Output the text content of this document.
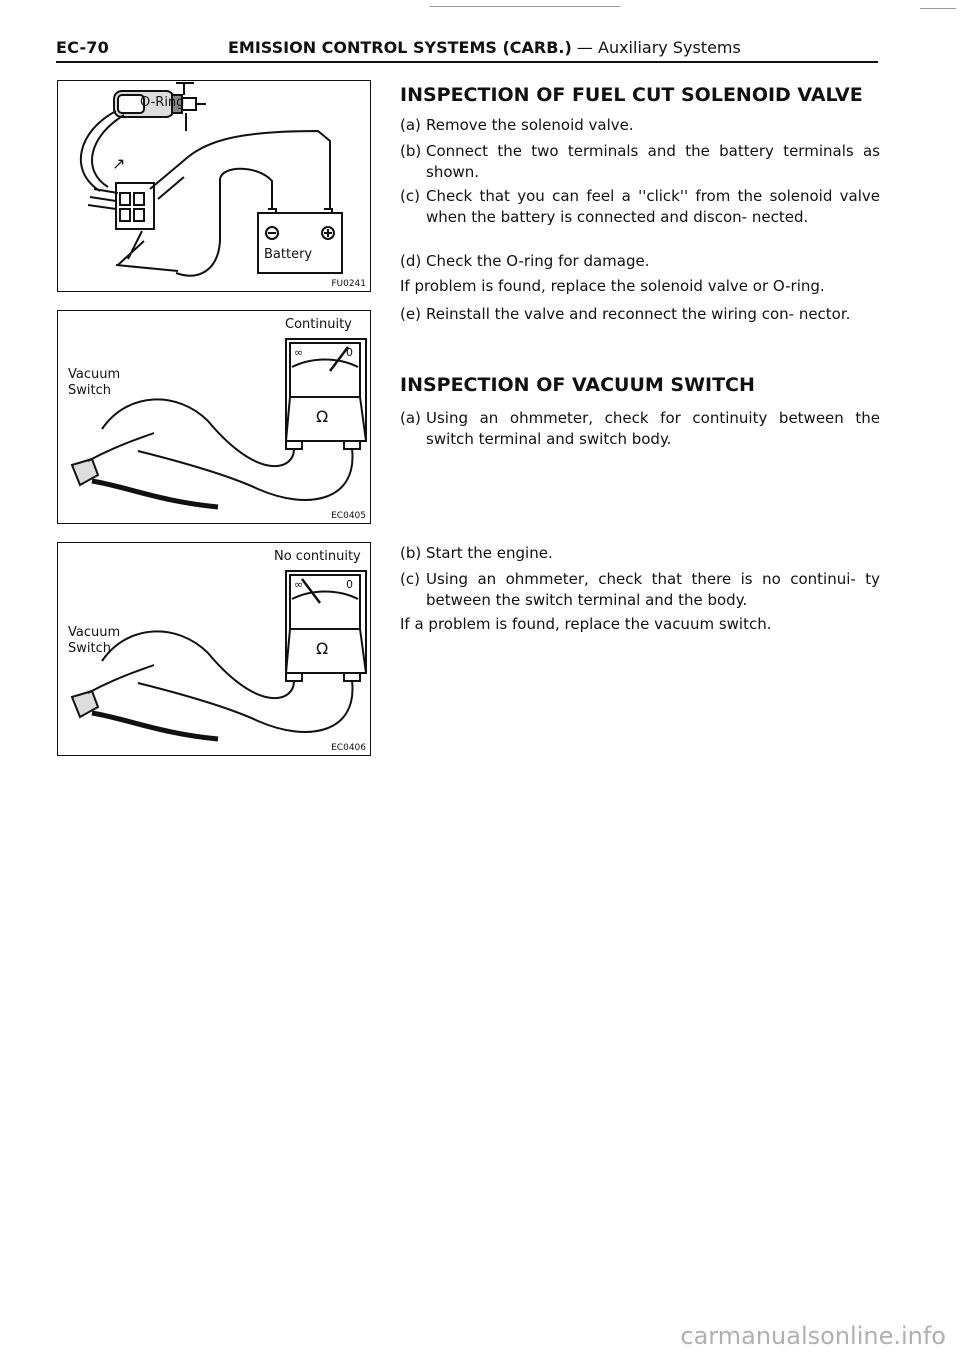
EC-70	EMISSION CONTROL SYSTEMS (CARB.) — Auxiliary Systems
↗
O-Ring
Battery
FU0241
Continuity
∞	0
Ω
Vacuum
Switch
EC0405
No continuity
∞	0
Ω
Vacuum
Switch
EC0406
INSPECTION OF FUEL CUT SOLENOID VALVE
(a) Remove the solenoid valve.
(b) Connect the two terminals and the battery terminals as shown.
(c) Check that you can feel a ''click'' from the solenoid valve when the battery is connected and discon- nected.
(d) Check the O-ring for damage.
If problem is found, replace the solenoid valve or O-ring.
(e) Reinstall the valve and reconnect the wiring con- nector.
INSPECTION OF VACUUM SWITCH
(a) Using an ohmmeter, check for continuity between the switch terminal and switch body.
(b) Start the engine.
(c) Using an ohmmeter, check that there is no continui- ty between the switch terminal and the body.
If a problem is found, replace the vacuum switch.
carmanualsonline.info
